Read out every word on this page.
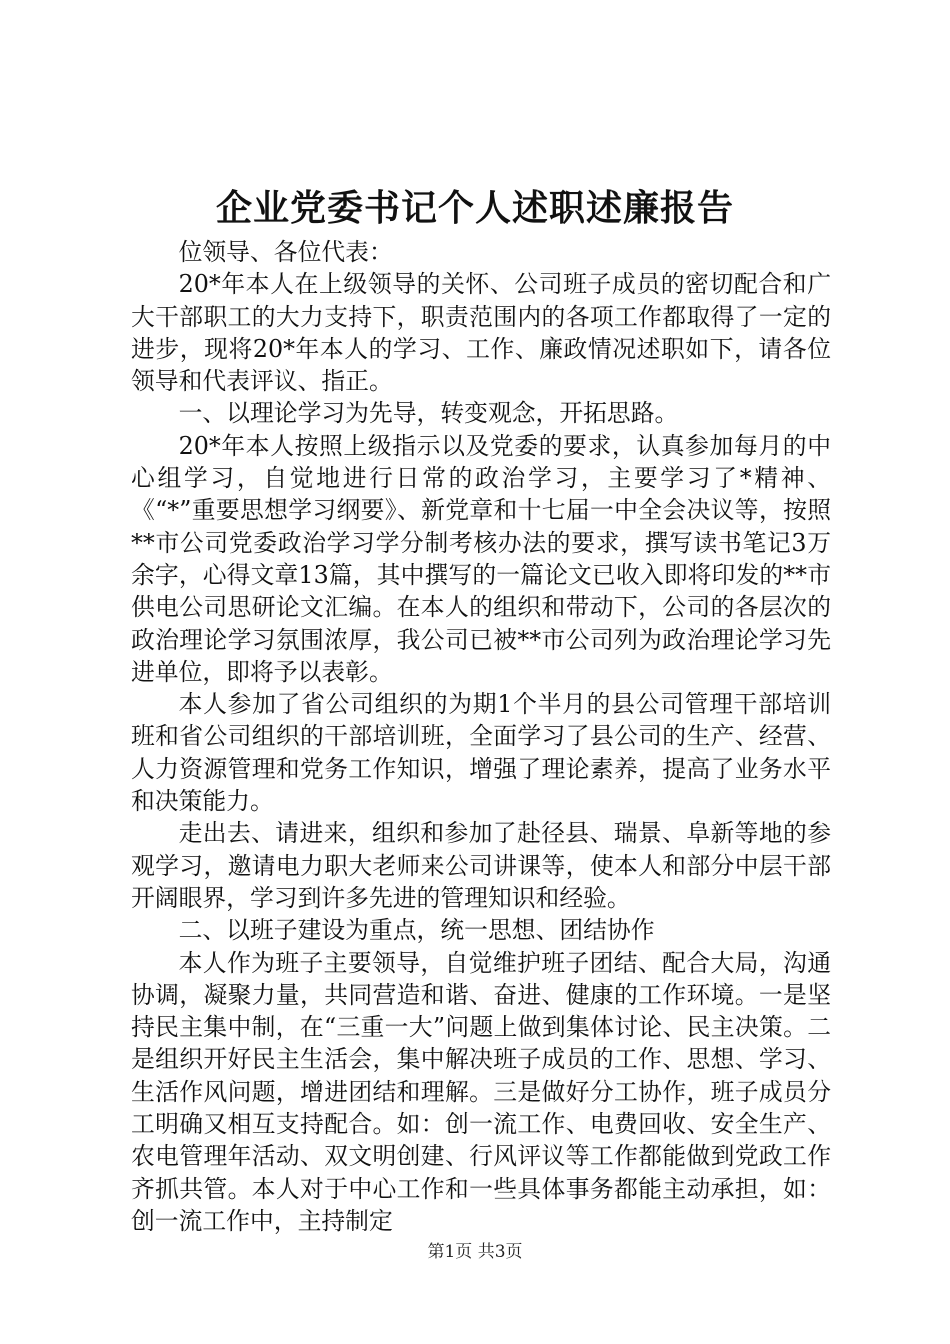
企业党委书记个人述职述廉报告

位领导、各位代表：

20*年本人在上级领导的关怀、公司班子成员的密切配合和广大干部职工的大力支持下，职责范围内的各项工作都取得了一定的进步，现将20*年本人的学习、工作、廉政情况述职如下，请各位领导和代表评议、指正。

一、以理论学习为先导，转变观念，开拓思路。

20*年本人按照上级指示以及党委的要求，认真参加每月的中心组学习，自觉地进行日常的政治学习，主要学习了*精神、《“*”重要思想学习纲要》、新党章和十七届一中全会决议等，按照**市公司党委政治学习学分制考核办法的要求，撰写读书笔记3万余字，心得文章13篇，其中撰写的一篇论文已收入即将印发的**市供电公司思研论文汇编。在本人的组织和带动下，公司的各层次的政治理论学习氛围浓厚，我公司已被**市公司列为政治理论学习先进单位，即将予以表彰。

本人参加了省公司组织的为期1个半月的县公司管理干部培训班和省公司组织的干部培训班，全面学习了县公司的生产、经营、人力资源管理和党务工作知识，增强了理论素养，提高了业务水平和决策能力。

走出去、请进来，组织和参加了赴径县、瑞景、阜新等地的参观学习，邀请电力职大老师来公司讲课等，使本人和部分中层干部开阔眼界，学习到许多先进的管理知识和经验。

二、以班子建设为重点，统一思想、团结协作

本人作为班子主要领导，自觉维护班子团结、配合大局，沟通协调，凝聚力量，共同营造和谐、奋进、健康的工作环境。一是坚持民主集中制，在“三重一大”问题上做到集体讨论、民主决策。二是组织开好民主生活会，集中解决班子成员的工作、思想、学习、生活作风问题，增进团结和理解。三是做好分工协作，班子成员分工明确又相互支持配合。如：创一流工作、电费回收、安全生产、农电管理年活动、双文明创建、行风评议等工作都能做到党政工作齐抓共管。本人对于中心工作和一些具体事务都能主动承担，如：创一流工作中，主持制定

第1页 共3页
